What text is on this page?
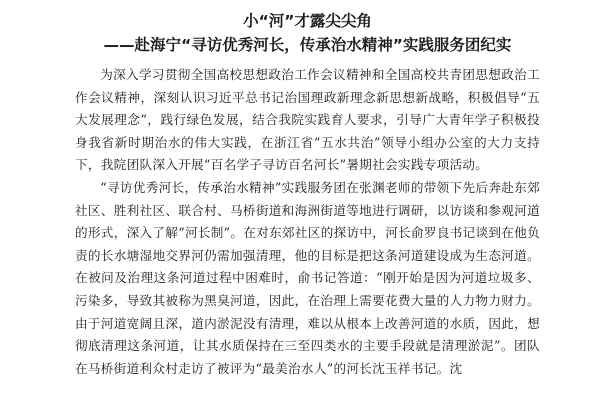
小“河”才露尖尖角
——赴海宁“寻访优秀河长，传承治水精神”实践服务团纪实

为深入学习贯彻全国高校思想政治工作会议精神和全国高校共青团思想政治工作会议精神，深刻认识习近平总书记治国理政新理念新思想新战略，积极倡导“五大发展理念”，践行绿色发展，结合我院实践育人要求，引导广大青年学子积极投身我省新时期治水的伟大实践，在浙江省“五水共治”领导小组办公室的大力支持下，我院团队深入开展“百名学子寻访百名河长”暑期社会实践专项活动。

“寻访优秀河长，传承治水精神”实践服务团在张渊老师的带领下先后奔赴东郊社区、胜利社区、联合村、马桥街道和海洲街道等地进行调研，以访谈和参观河道的形式，深入了解“河长制”。在对东郊社区的探访中，河长俞罗良书记谈到在他负责的长水塘湿地交界河仍需加强清理，他的目标是把这条河道建设成为生态河道。在被问及治理这条河道过程中困难时，俞书记答道：“刚开始是因为河道垃圾多、污染多，导致其被称为黑臭河道，因此，在治理上需要花费大量的人力物力财力。由于河道宽阔且深，道内淤泥没有清理，难以从根本上改善河道的水质，因此，想彻底清理这条河道，让其水质保持在三至四类水的主要手段就是清理淤泥”。团队在马桥街道利众村走访了被评为“最美治水人”的河长沈玉祥书记。沈
